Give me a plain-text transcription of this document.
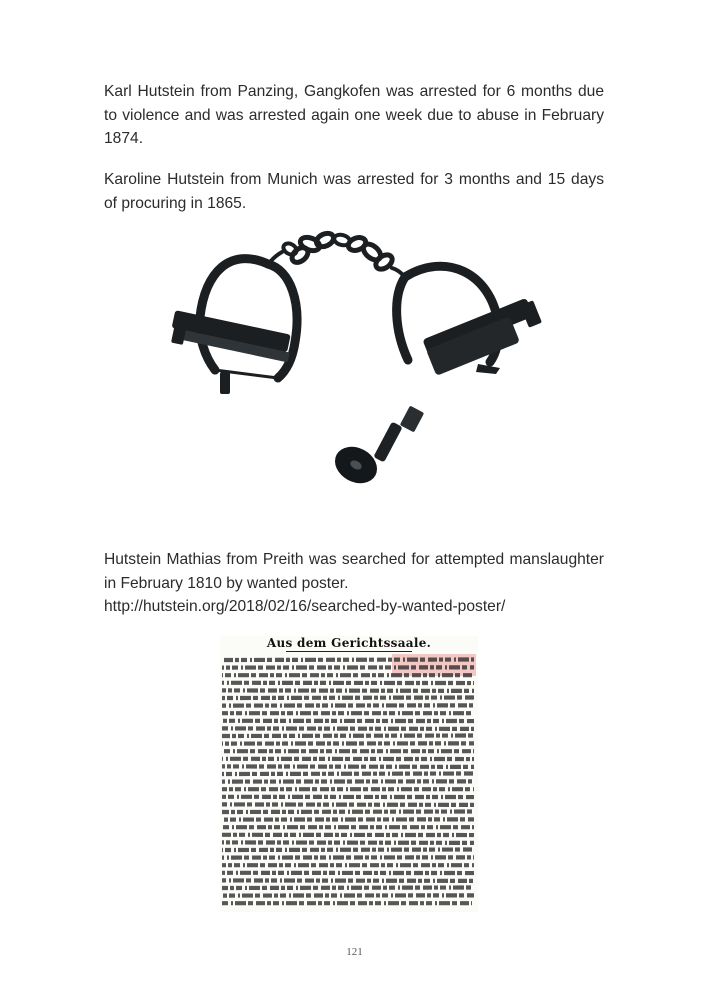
Karl Hutstein from Panzing, Gangkofen was arrested for 6 months due to violence and was arrested again one week due to abuse in February 1874.

Karoline Hutstein from Munich was arrested for 3 months and 15 days of procuring in 1865.

Hutstein Mathias from Preith was searched for attempted manslaughter in February 1810 by wanted poster.
http://hutstein.org/2018/02/16/searched-by-wanted-poster/

Aus dem Gerichtssaale.
121
